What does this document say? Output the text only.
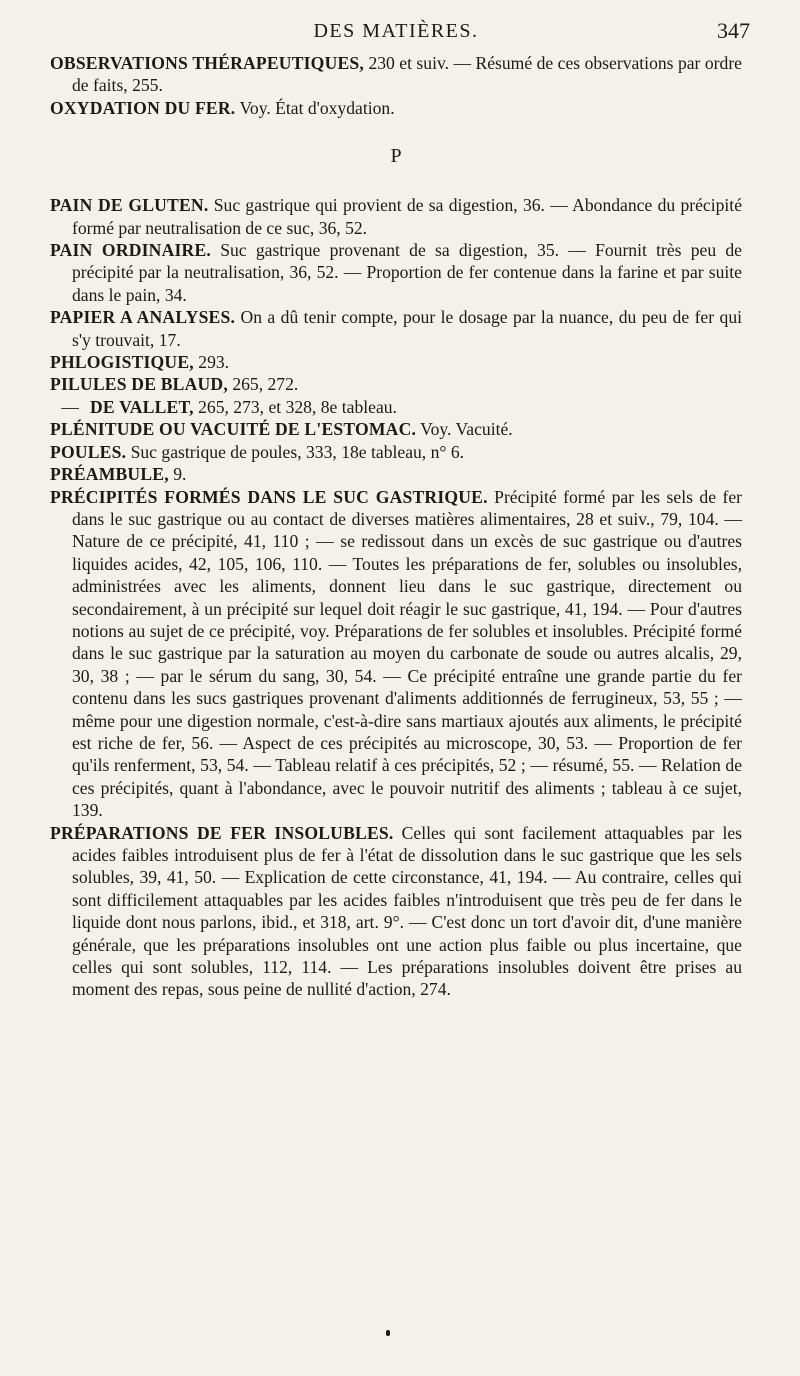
DES MATIÈRES.	347

OBSERVATIONS THÉRAPEUTIQUES, 230 et suiv. — Résumé de ces observations par ordre de faits, 255.

OXYDATION DU FER. Voy. État d'oxydation.

P

PAIN DE GLUTEN. Suc gastrique qui provient de sa digestion, 36. — Abondance du précipité formé par neutralisation de ce suc, 36, 52.

PAIN ORDINAIRE. Suc gastrique provenant de sa digestion, 35. — Fournit très peu de précipité par la neutralisation, 36, 52. — Proportion de fer contenue dans la farine et par suite dans le pain, 34.

PAPIER A ANALYSES. On a dû tenir compte, pour le dosage par la nuance, du peu de fer qui s'y trouvait, 17.

PHLOGISTIQUE, 293.

PILULES DE BLAUD, 265, 272.

— DE VALLET, 265, 273, et 328, 8e tableau.

PLÉNITUDE OU VACUITÉ DE L'ESTOMAC. Voy. Vacuité.

POULES. Suc gastrique de poules, 333, 18e tableau, n° 6.

PRÉAMBULE, 9.

PRÉCIPITÉS FORMÉS DANS LE SUC GASTRIQUE. Précipité formé par les sels de fer dans le suc gastrique ou au contact de diverses matières alimentaires, 28 et suiv., 79, 104. — Nature de ce précipité, 41, 110 ; — se redissout dans un excès de suc gastrique ou d'autres liquides acides, 42, 105, 106, 110. — Toutes les préparations de fer, solubles ou insolubles, administrées avec les aliments, donnent lieu dans le suc gastrique, directement ou secondairement, à un précipité sur lequel doit réagir le suc gastrique, 41, 194. — Pour d'autres notions au sujet de ce précipité, voy. Préparations de fer solubles et insolubles. Précipité formé dans le suc gastrique par la saturation au moyen du carbonate de soude ou autres alcalis, 29, 30, 38 ; — par le sérum du sang, 30, 54. — Ce précipité entraîne une grande partie du fer contenu dans les sucs gastriques provenant d'aliments additionnés de ferrugineux, 53, 55 ; — même pour une digestion normale, c'est-à-dire sans martiaux ajoutés aux aliments, le précipité est riche de fer, 56. — Aspect de ces précipités au microscope, 30, 53. — Proportion de fer qu'ils renferment, 53, 54. — Tableau relatif à ces précipités, 52 ; — résumé, 55. — Relation de ces précipités, quant à l'abondance, avec le pouvoir nutritif des aliments ; tableau à ce sujet, 139.

PRÉPARATIONS DE FER INSOLUBLES. Celles qui sont facilement attaquables par les acides faibles introduisent plus de fer à l'état de dissolution dans le suc gastrique que les sels solubles, 39, 41, 50. — Explication de cette circonstance, 41, 194. — Au contraire, celles qui sont difficilement attaquables par les acides faibles n'introduisent que très peu de fer dans le liquide dont nous parlons, ibid., et 318, art. 9°. — C'est donc un tort d'avoir dit, d'une manière générale, que les préparations insolubles ont une action plus faible ou plus incertaine, que celles qui sont solubles, 112, 114. — Les préparations insolubles doivent être prises au moment des repas, sous peine de nullité d'action, 274.
